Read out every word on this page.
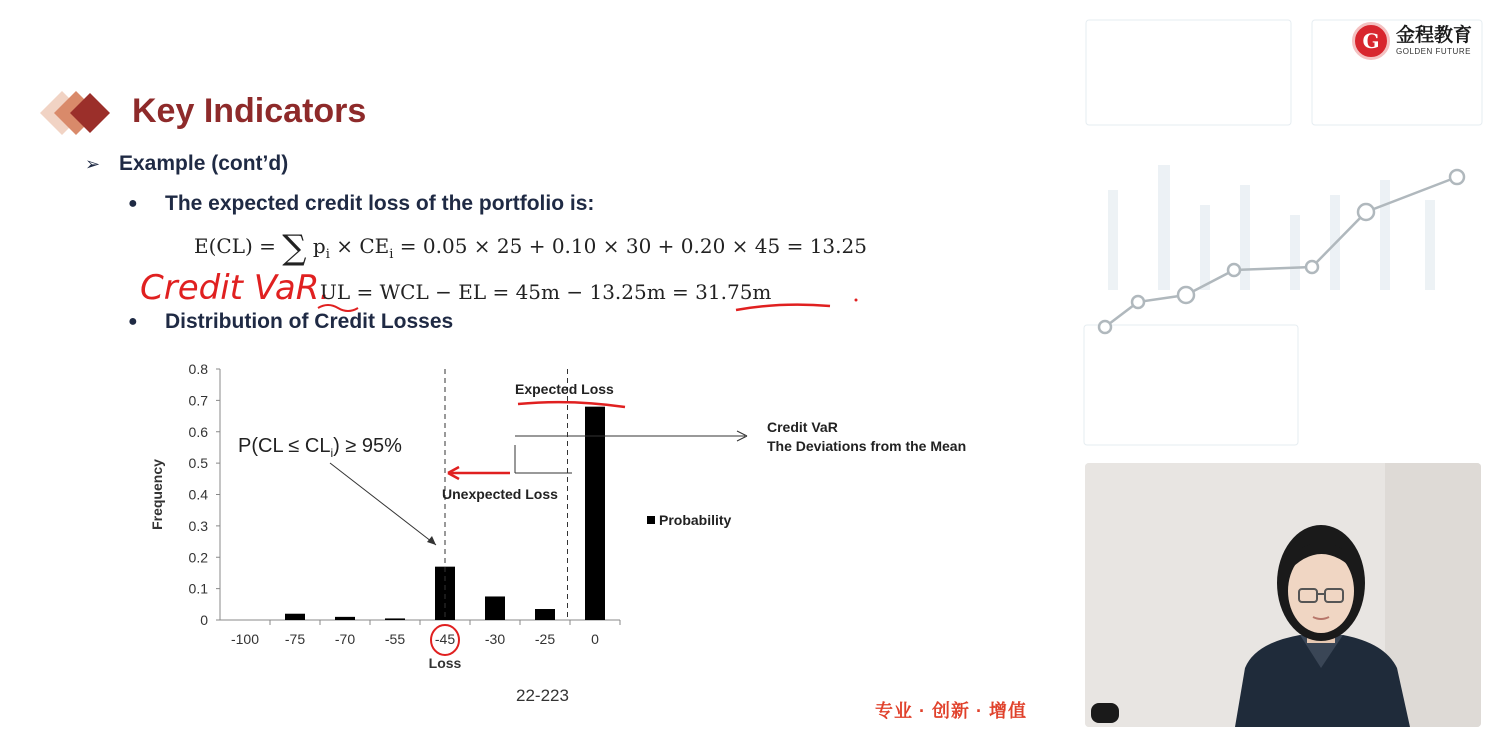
Key Indicators
➢ Example (cont’d)
● The expected credit loss of the portfolio is:
E(CL) = ∑ $p_i \times CE_i = 0.05 \times 25 + 0.10 \times 30 + 0.20 \times 45 = 13.25$
Credit VaR.
UL = WCL − EL = 45m − 13.25m = 31.75m
● Distribution of Credit Losses
0
0.1
0.2
0.3
0.4
0.5
0.6
0.7
0.8
Frequency
-100 -75 -70 -55 -45 -30 -25	0
Loss
Expected Loss
$P(CL \le CL_i) \ge 95\%$
Unexpected Loss
Credit VaR
The Deviations from the Mean
Probability
22-223
专业 · 创新 · 增值
G 金程教育
GOLDEN FUTURE
